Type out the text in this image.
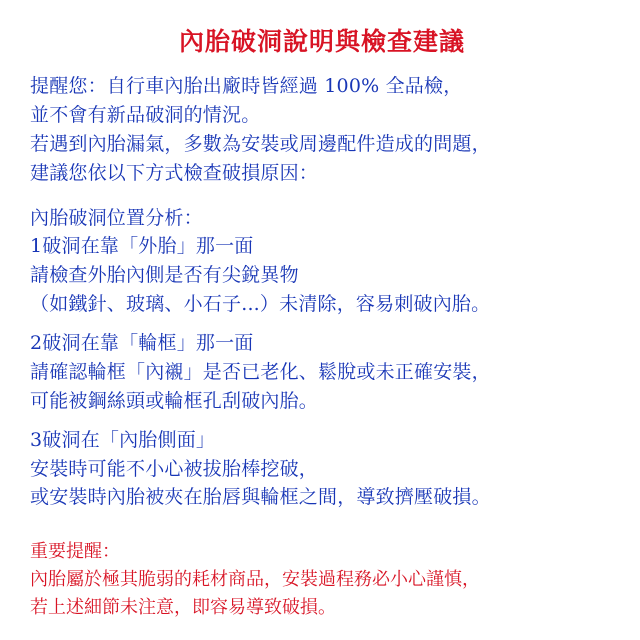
內胎破洞說明與檢查建議
提醒您：自行車內胎出廠時皆經過 100% 全品檢，
並不會有新品破洞的情況。
若遇到內胎漏氣，多數為安裝或周邊配件造成的問題，
建議您依以下方式檢查破損原因：
內胎破洞位置分析：
1破洞在靠「外胎」那一面
請檢查外胎內側是否有尖銳異物
（如鐵針、玻璃、小石子...）未清除，容易刺破內胎。
2破洞在靠「輪框」那一面
請確認輪框「內襯」是否已老化、鬆脫或未正確安裝，
可能被鋼絲頭或輪框孔刮破內胎。
3破洞在「內胎側面」
安裝時可能不小心被拔胎棒挖破，
或安裝時內胎被夾在胎唇與輪框之間，導致擠壓破損。
重要提醒：
內胎屬於極其脆弱的耗材商品，安裝過程務必小心謹慎，
若上述細節未注意，即容易導致破損。
